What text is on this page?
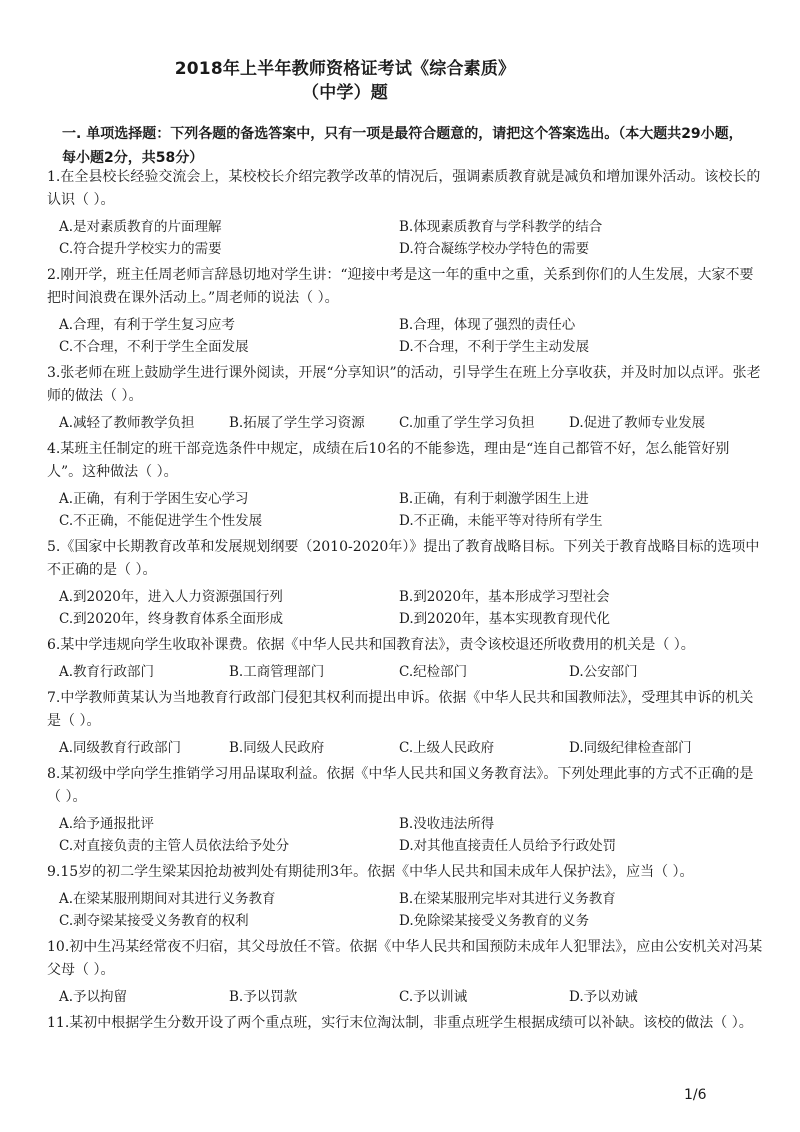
2018年上半年教师资格证考试《综合素质》
（中学）题
一. 单项选择题：下列各题的备选答案中，只有一项是最符合题意的，请把这个答案选出。（本大题共29小题，每小题2分，共58分）
1.在全县校长经验交流会上，某校校长介绍完教学改革的情况后，强调素质教育就是减负和增加课外活动。该校长的认识（ ）。
A.是对素质教育的片面理解	B.体现素质教育与学科教学的结合
C.符合提升学校实力的需要	D.符合凝练学校办学特色的需要
2.刚开学，班主任周老师言辞恳切地对学生讲：“迎接中考是这一年的重中之重，关系到你们的人生发展，大家不要把时间浪费在课外活动上。”周老师的说法（ ）。
A.合理，有利于学生复习应考	B.合理，体现了强烈的责任心
C.不合理，不利于学生全面发展	D.不合理，不利于学生主动发展
3.张老师在班上鼓励学生进行课外阅读，开展“分享知识”的活动，引导学生在班上分享收获，并及时加以点评。张老师的做法（ ）。
A.减轻了教师教学负担	B.拓展了学生学习资源	C.加重了学生学习负担	D.促进了教师专业发展
4.某班主任制定的班干部竞选条件中规定，成绩在后10名的不能参选，理由是“连自己都管不好，怎么能管好别人”。这种做法（ ）。
A.正确，有利于学困生安心学习	B.正确，有利于刺激学困生上进
C.不正确，不能促进学生个性发展	D.不正确，未能平等对待所有学生
5.《国家中长期教育改革和发展规划纲要（2010-2020年）》提出了教育战略目标。下列关于教育战略目标的选项中不正确的是（ ）。
A.到2020年，进入人力资源强国行列	B.到2020年，基本形成学习型社会
C.到2020年，终身教育体系全面形成	D.到2020年，基本实现教育现代化
6.某中学违规向学生收取补课费。依据《中华人民共和国教育法》，责令该校退还所收费用的机关是（ ）。
A.教育行政部门	B.工商管理部门	C.纪检部门	D.公安部门
7.中学教师黄某认为当地教育行政部门侵犯其权利而提出申诉。依据《中华人民共和国教师法》，受理其申诉的机关是（ ）。
A.同级教育行政部门	B.同级人民政府	C.上级人民政府	D.同级纪律检查部门
8.某初级中学向学生推销学习用品谋取利益。依据《中华人民共和国义务教育法》。下列处理此事的方式不正确的是（ ）。
A.给予通报批评	B.没收违法所得
C.对直接负责的主管人员依法给予处分	D.对其他直接责任人员给予行政处罚
9.15岁的初二学生梁某因抢劫被判处有期徒刑3年。依据《中华人民共和国未成年人保护法》，应当（ ）。
A.在梁某服刑期间对其进行义务教育	B.在梁某服刑完毕对其进行义务教育
C.剥夺梁某接受义务教育的权利	D.免除梁某接受义务教育的义务
10.初中生冯某经常夜不归宿，其父母放任不管。依据《中华人民共和国预防未成年人犯罪法》，应由公安机关对冯某父母（ ）。
A.予以拘留	B.予以罚款	C.予以训诫	D.予以劝诫
11.某初中根据学生分数开设了两个重点班，实行末位淘汰制，非重点班学生根据成绩可以补缺。该校的做法（ ）。
1/6
